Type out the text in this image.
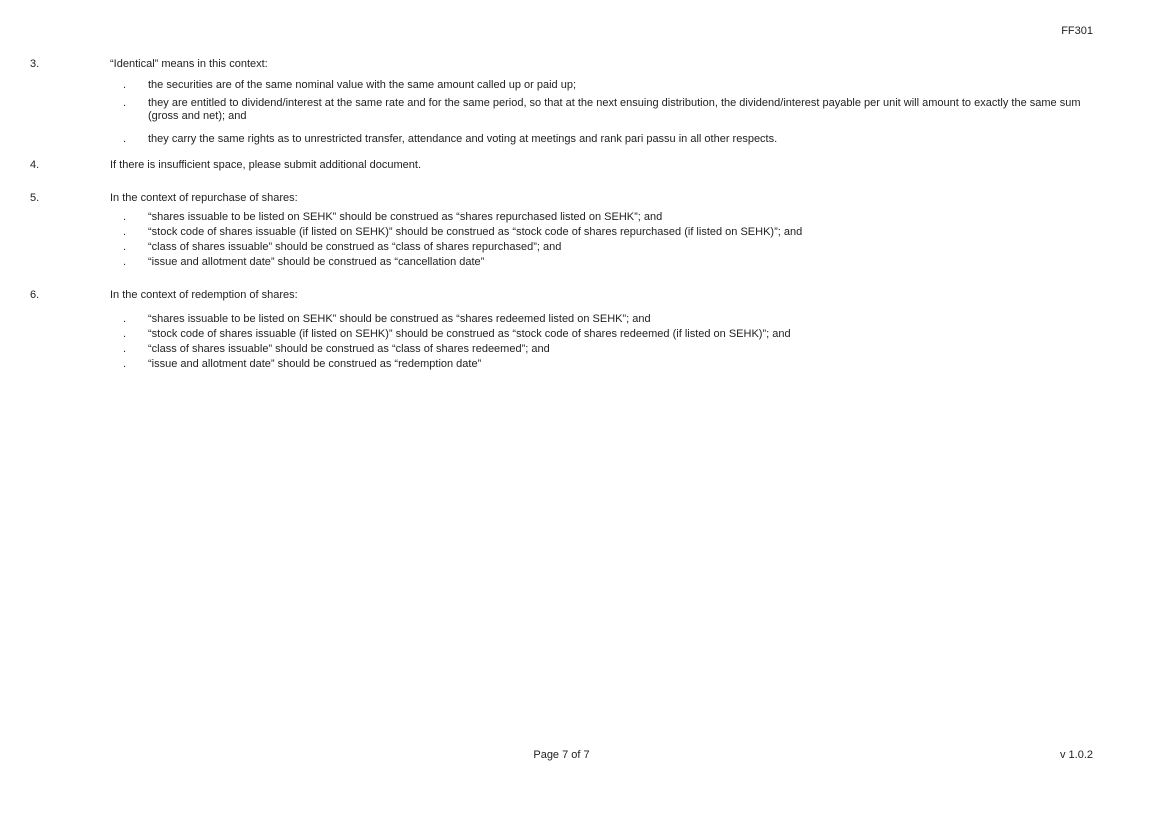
FF301
3.	“Identical” means in this context:
.	the securities are of the same nominal value with the same amount called up or paid up;
.	they are entitled to dividend/interest at the same rate and for the same period, so that at the next ensuing distribution, the dividend/interest payable per unit will amount to exactly the same sum (gross and net); and
.	they carry the same rights as to unrestricted transfer, attendance and voting at meetings and rank pari passu in all other respects.
4.	If there is insufficient space, please submit additional document.
5.	In the context of repurchase of shares:
.	“shares issuable to be listed on SEHK” should be construed as “shares repurchased listed on SEHK”; and
.	“stock code of shares issuable (if listed on SEHK)” should be construed as “stock code of shares repurchased (if listed on SEHK)”; and
.	“class of shares issuable” should be construed as “class of shares repurchased”; and
.	“issue and allotment date” should be construed as “cancellation date”
6.	In the context of redemption of shares:
.	“shares issuable to be listed on SEHK” should be construed as “shares redeemed listed on SEHK”; and
.	“stock code of shares issuable (if listed on SEHK)” should be construed as “stock code of shares redeemed (if listed on SEHK)”; and
.	“class of shares issuable” should be construed as “class of shares redeemed”; and
.	“issue and allotment date” should be construed as “redemption date”
Page 7 of 7	v 1.0.2
